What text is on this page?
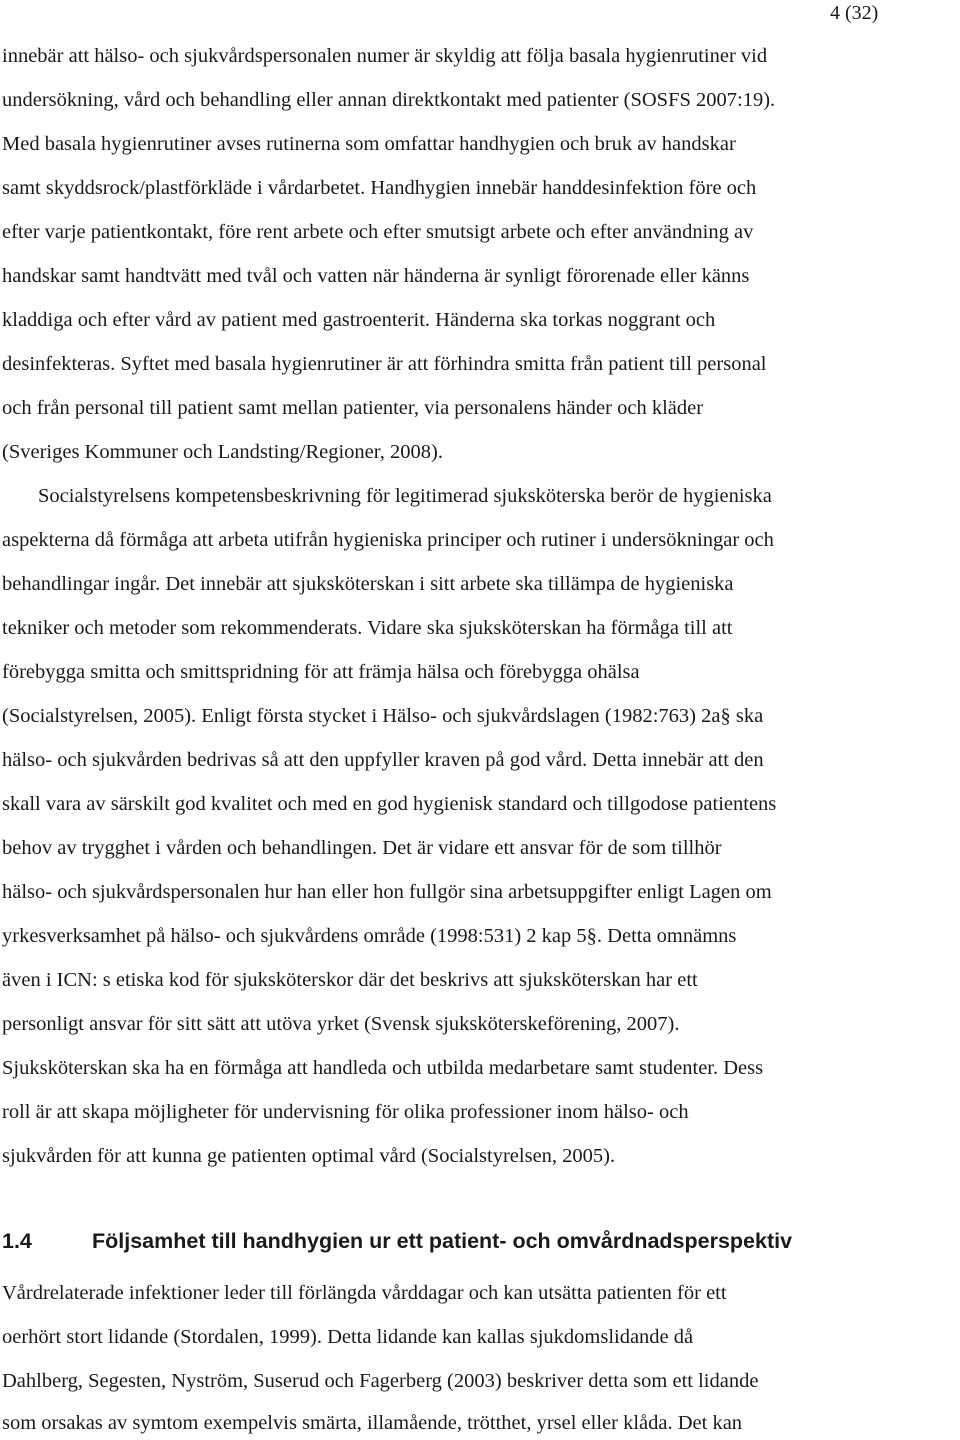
4 (32)
innebär att hälso- och sjukvårdspersonalen numer är skyldig att följa basala hygienrutiner vid
undersökning, vård och behandling eller annan direktkontakt med patienter (SOSFS 2007:19).
Med basala hygienrutiner avses rutinerna som omfattar handhygien och bruk av handskar
samt skyddsrock/plastförkläde i vårdarbetet. Handhygien innebär handdesinfektion före och
efter varje patientkontakt, före rent arbete och efter smutsigt arbete och efter användning av
handskar samt handtvätt med tvål och vatten när händerna är synligt förorenade eller känns
kladdiga och efter vård av patient med gastroenterit. Händerna ska torkas noggrant och
desinfekteras. Syftet med basala hygienrutiner är att förhindra smitta från patient till personal
och från personal till patient samt mellan patienter, via personalens händer och kläder
(Sveriges Kommuner och Landsting/Regioner, 2008).
Socialstyrelsens kompetensbeskrivning för legitimerad sjuksköterska berör de hygieniska
aspekterna då förmåga att arbeta utifrån hygieniska principer och rutiner i undersökningar och
behandlingar ingår. Det innebär att sjuksköterskan i sitt arbete ska tillämpa de hygieniska
tekniker och metoder som rekommenderats. Vidare ska sjuksköterskan ha förmåga till att
förebygga smitta och smittspridning för att främja hälsa och förebygga ohälsa
(Socialstyrelsen, 2005). Enligt första stycket i Hälso- och sjukvårdslagen (1982:763) 2a§ ska
hälso- och sjukvården bedrivas så att den uppfyller kraven på god vård. Detta innebär att den
skall vara av särskilt god kvalitet och med en god hygienisk standard och tillgodose patientens
behov av trygghet i vården och behandlingen. Det är vidare ett ansvar för de som tillhör
hälso- och sjukvårdspersonalen hur han eller hon fullgör sina arbetsuppgifter enligt Lagen om
yrkesverksamhet på hälso- och sjukvårdens område (1998:531) 2 kap 5§. Detta omnämns
även i ICN: s etiska kod för sjuksköterskor där det beskrivs att sjuksköterskan har ett
personligt ansvar för sitt sätt att utöva yrket (Svensk sjuksköterskeförening, 2007).
Sjuksköterskan ska ha en förmåga att handleda och utbilda medarbetare samt studenter. Dess
roll är att skapa möjligheter för undervisning för olika professioner inom hälso- och
sjukvården för att kunna ge patienten optimal vård (Socialstyrelsen, 2005).
1.4	Följsamhet till handhygien ur ett patient- och omvårdnadsperspektiv
Vårdrelaterade infektioner leder till förlängda vårddagar och kan utsätta patienten för ett
oerhört stort lidande (Stordalen, 1999). Detta lidande kan kallas sjukdomslidande då
Dahlberg, Segesten, Nyström, Suserud och Fagerberg (2003) beskriver detta som ett lidande
som orsakas av symtom exempelvis smärta, illamående, trötthet, yrsel eller klåda. Det kan
